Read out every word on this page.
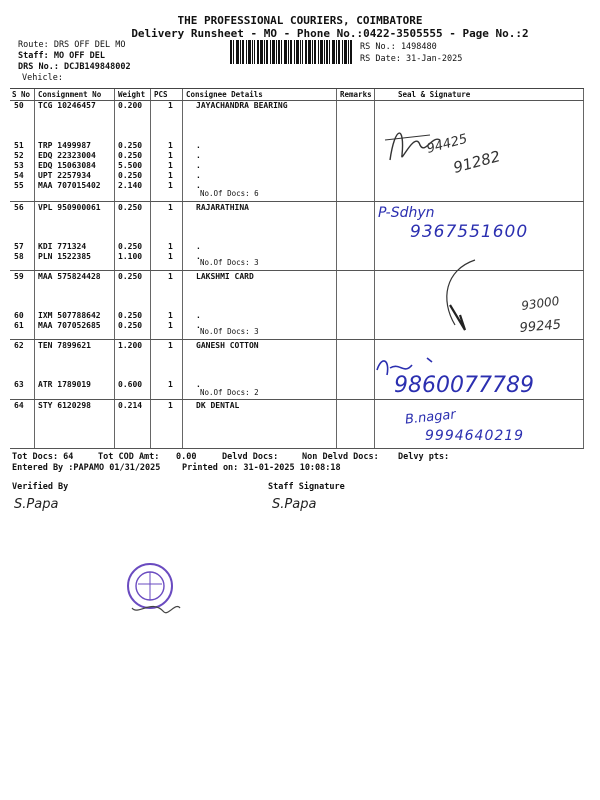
THE PROFESSIONAL COURIERS, COIMBATORE
Delivery Runsheet - MO - Phone No.:0422-3505555 - Page No.:2
Route: DRS OFF DEL MO
Staff: MO OFF DEL
DRS No.: DCJB149848002
Vehicle:
RS No.: 1498480
RS Date: 31-Jan-2025
S No Consignment No Weight PCS Consignee Details	Remarks	Seal & Signature
50 TCG 10246457	0.200	1	JAYACHANDRA BEARING
51 TRP 1499987	0.250	1	.
52 EDQ 22323004	0.250	1	.
53 EDQ 15063084	5.500	1	.
54 UPT 2257934	0.250	1	.
55 MAA 707015402 2.140	1	.
56 VPL 950900061 0.250	1	RAJARATHINA
57 KDI 771324	0.250	1	.
58 PLN 1522385	1.100	1	.
59 MAA 575824428 0.250	1	LAKSHMI CARD
60 IXM 507788642 0.250	1	.
61 MAA 707052685 0.250	1	.
62 TEN 7899621	1.200	1	GANESH COTTON
63 ATR 1789019	0.600	1	.
64 STY 6120298	0.214	1	DK DENTAL
No.Of Docs: 6
No.Of Docs: 3
No.Of Docs: 3
No.Of Docs: 2
94425
91282
P-Sdhyn
9367551600
93000
99245
9860077789
B.nagar
9994640219
Tot Docs: 64	Tot COD Amt: 0.00	Delvd Docs:	Non Delvd Docs: Delvy pts:
Entered By :PAPAMO 01/31/2025	Printed on: 31-01-2025 10:08:18
Verified By	Staff Signature
S.Papa	S.Papa
